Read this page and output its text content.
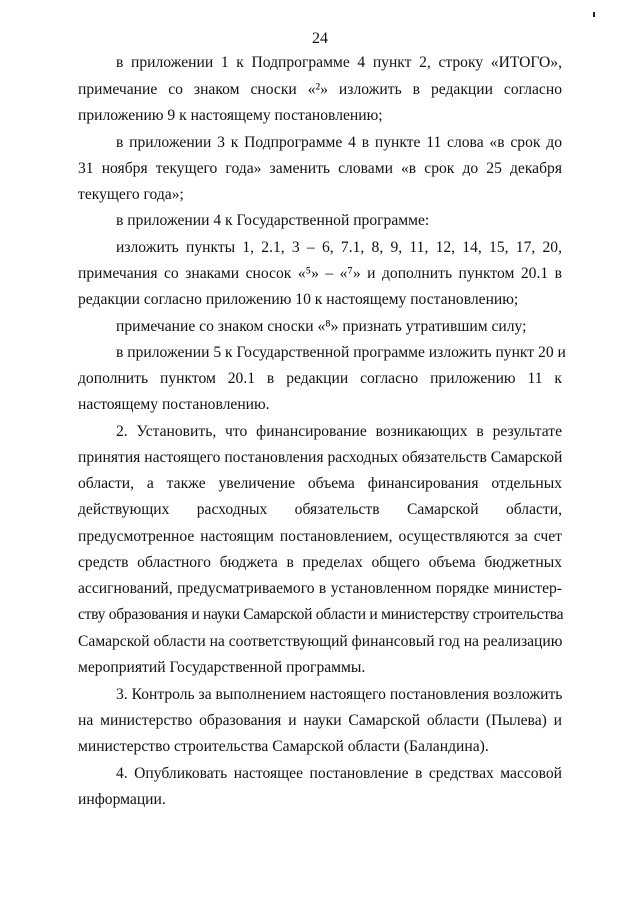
24
в приложении 1 к Подпрограмме 4 пункт 2, строку «ИТОГО»,
примечание со знаком сноски «²» изложить в редакции согласно
приложению 9 к настоящему постановлению;
в приложении 3 к Подпрограмме 4 в пункте 11 слова «в срок до
31 ноября текущего года» заменить словами «в срок до 25 декабря
текущего года»;
в приложении 4 к Государственной программе:
изложить пункты 1, 2.1, 3 – 6, 7.1, 8, 9, 11, 12, 14, 15, 17, 20,
примечания со знаками сносок «⁵» – «⁷» и дополнить пунктом 20.1 в
редакции согласно приложению 10 к настоящему постановлению;
примечание со знаком сноски «⁸» признать утратившим силу;
в приложении 5 к Государственной программе изложить пункт 20 и
дополнить пунктом 20.1 в редакции согласно приложению 11 к
настоящему постановлению.
2. Установить, что финансирование возникающих в результате
принятия настоящего постановления расходных обязательств Самарской
области, а также увеличение объема финансирования отдельных
действующих расходных обязательств Самарской области,
предусмотренное настоящим постановлением, осуществляются за счет
средств областного бюджета в пределах общего объема бюджетных
ассигнований, предусматриваемого в установленном порядке министер-
ству образования и науки Самарской области и министерству строительства
Самарской области на соответствующий финансовый год на реализацию
мероприятий Государственной программы.
3. Контроль за выполнением настоящего постановления возложить
на министерство образования и науки Самарской области (Пылева) и
министерство строительства Самарской области (Баландина).
4. Опубликовать настоящее постановление в средствах массовой
информации.
